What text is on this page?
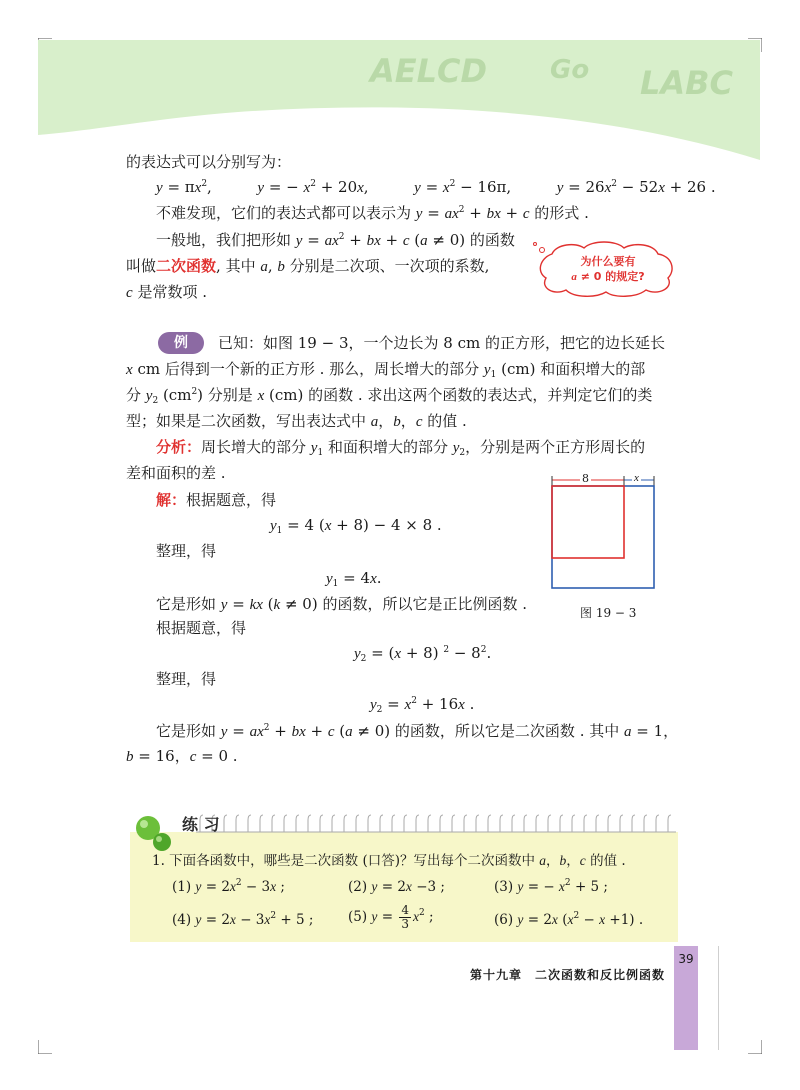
AELCD Go LABC
的表达式可以分别写为：
$y = \pi x^2$,	y = − $x^2 + 20x$,	$y = x^2 - 16\pi$,	$y = 26x^2 - 52x + 26$ .
不难发现，它们的表达式都可以表示为 $y = ax^2$ + bx + c 的形式 .
一般地，我们把形如 $y = ax^2$ + bx + c (a ≠ 0) 的函数
叫做二次函数, 其中 a, b 分别是二次项、一次项的系数,
c 是常数项 .
为什么要有
a ≠ 0 的规定?
例	已知：如图 19 − 3，一个边长为 8 cm 的正方形，把它的边长延长
x cm 后得到一个新的正方形 . 那么，周长增大的部分 $y_1$ (cm) 和面积增大的部
分 $y_2$ $(cm^2)$ 分别是 x (cm) 的函数 . 求出这两个函数的表达式，并判定它们的类
型；如果是二次函数，写出表达式中 a，b，c 的值 .
分析：周长增大的部分 $y_1$ 和面积增大的部分 $y_2$，分别是两个正方形周长的
差和面积的差 .
解：根据题意，得
$y_1 = 4$ (x + 8) − 4 × 8 .
整理，得
$y_1 = 4x$.
它是形如 y = kx (k ≠ 0) 的函数，所以它是正比例函数 .
根据题意，得
$y_2 = (x + 8) ^2 - 8^2$.
整理，得
$y_2 = x^2 + 16x$ .
它是形如 $y = ax^2$ + bx + c (a ≠ 0) 的函数，所以它是二次函数 . 其中 a = 1，
b = 16，c = 0 .
8	x
图 19 − 3
练 习
1. 下面各函数中，哪些是二次函数 (口答)？写出每个二次函数中 a，b，c 的值 .
(1) $y = 2x^2 - 3x$ ;	(2) y = 2x −3 ;	(3) y = − $x^2 + 5$ ;
(4) $y = 2x - 3x^2 + 5$ ;	(5) $y = \frac{4}{3} x^2$ ;	(6) y = 2x $(x^2 - x +1)$ .
第十九章　二次函数和反比例函数
39
